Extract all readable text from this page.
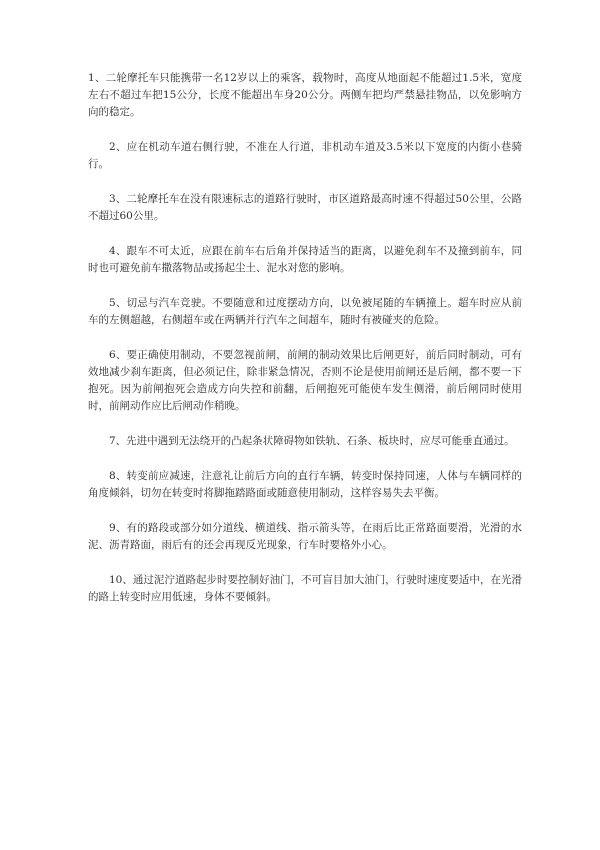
1、二轮摩托车只能携带一名12岁以上的乘客，载物时，高度从地面起不能超过1.5米，宽度左右不超过车把15公分，长度不能超出车身20公分。两侧车把均严禁悬挂物品，以免影响方向的稳定。

2、应在机动车道右侧行驶，不准在人行道，非机动车道及3.5米以下宽度的内街小巷骑行。

3、二轮摩托车在没有限速标志的道路行驶时，市区道路最高时速不得超过50公里，公路不超过60公里。

4、跟车不可太近，应跟在前车右后角并保持适当的距离，以避免刹车不及撞到前车，同时也可避免前车撒落物品或扬起尘土、泥水对您的影响。

5、切忌与汽车竞驶。不要随意和过度摆动方向，以免被尾随的车辆撞上。超车时应从前车的左侧超越，右侧超车或在两辆并行汽车之间超车，随时有被碰夹的危险。

6、要正确使用制动，不要忽视前闸，前闸的制动效果比后闸更好，前后同时制动，可有效地减少刹车距离，但必须记住，除非紧急情况，否则不论是使用前闸还是后闸，都不要一下抱死。因为前闸抱死会造成方向失控和前翻，后闸抱死可能使车发生侧滑，前后闸同时使用时，前闸动作应比后闸动作稍晚。

7、先进中遇到无法绕开的凸起条状障碍物如铁轨、石条、板块时，应尽可能垂直通过。

8、转变前应减速，注意礼让前后方向的直行车辆，转变时保持同速，人体与车辆同样的角度倾斜，切勿在转变时将脚拖踏路面或随意使用制动，这样容易失去平衡。

9、有的路段或部分如分道线、横道线、指示箭头等，在雨后比正常路面要滑，光滑的水泥、沥青路面，雨后有的还会再现反光现象，行车时要格外小心。

10、通过泥泞道路起步时要控制好油门，不可盲目加大油门，行驶时速度要适中，在光滑的路上转变时应用低速，身体不要倾斜。
